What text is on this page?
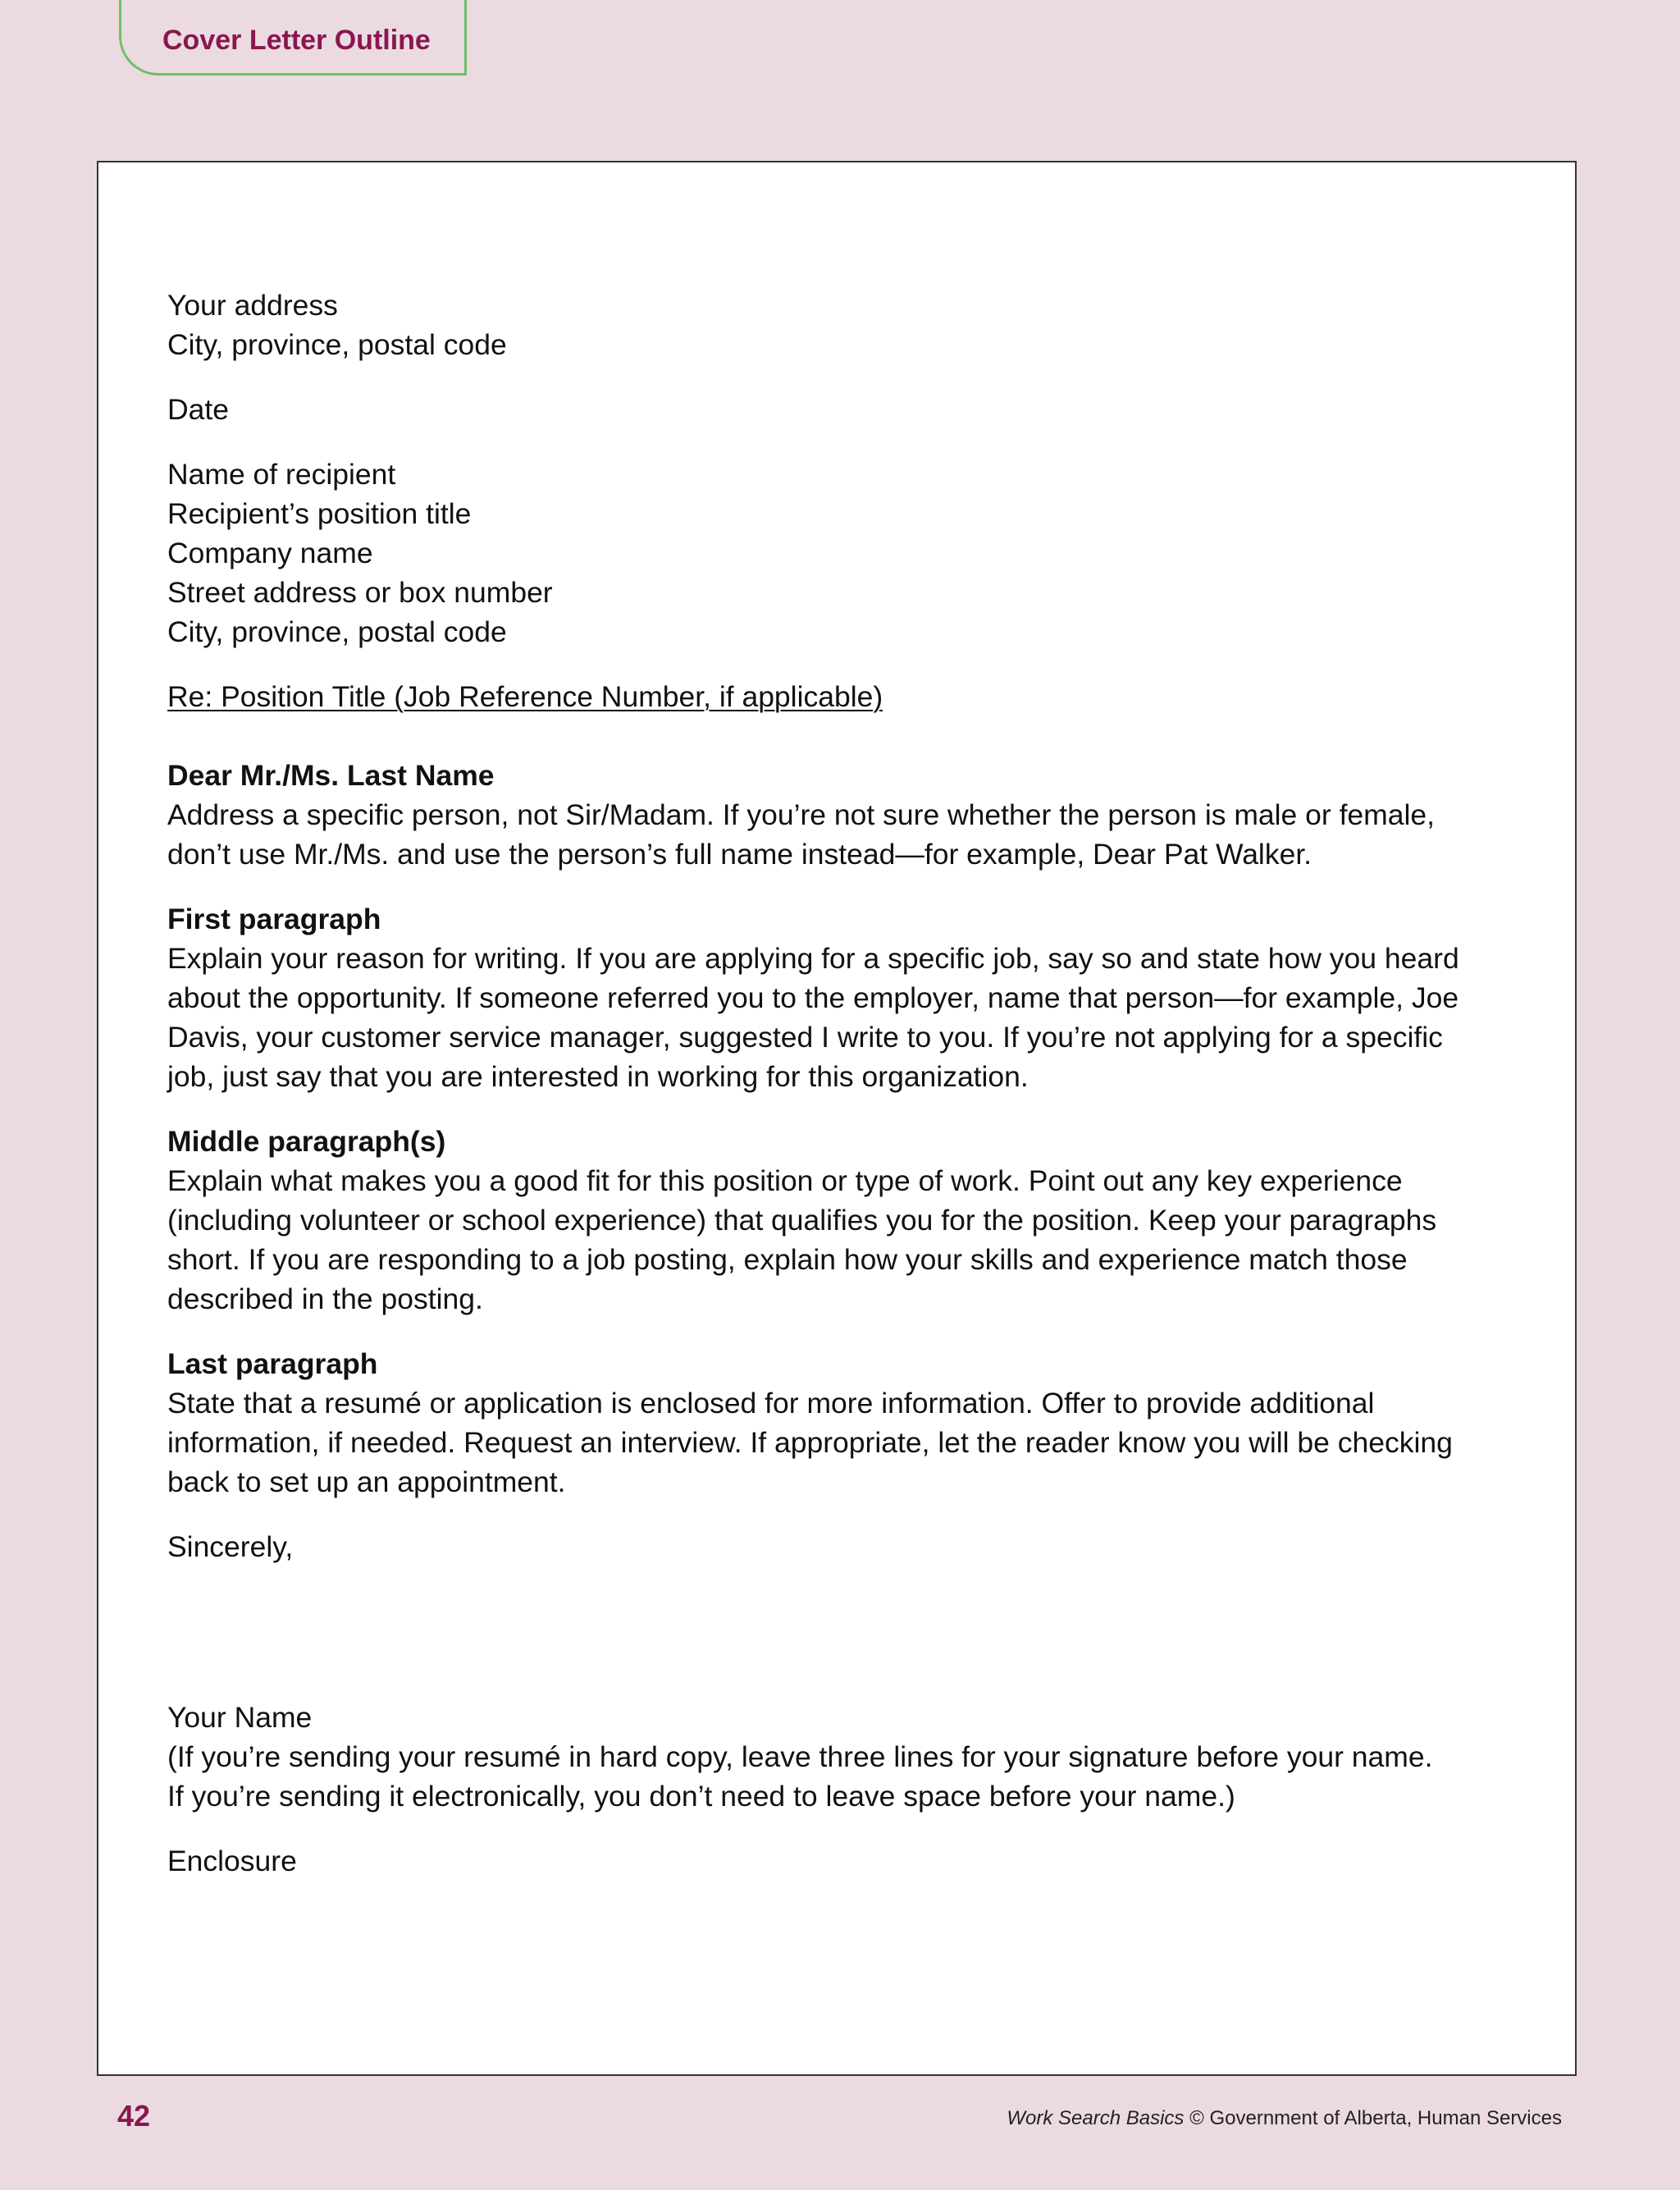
Cover Letter Outline
Your address
City, province, postal code
Date
Name of recipient
Recipient’s position title
Company name
Street address or box number
City, province, postal code
Re: Position Title (Job Reference Number, if applicable)
Dear Mr./Ms. Last Name
Address a specific person, not Sir/Madam. If you’re not sure whether the person is male or female,
don’t use Mr./Ms. and use the person’s full name instead—for example, Dear Pat Walker.
First paragraph
Explain your reason for writing. If you are applying for a specific job, say so and state how you heard
about the opportunity. If someone referred you to the employer, name that person—for example, Joe
Davis, your customer service manager, suggested I write to you. If you’re not applying for a specific
job, just say that you are interested in working for this organization.
Middle paragraph(s)
Explain what makes you a good fit for this position or type of work. Point out any key experience
(including volunteer or school experience) that qualifies you for the position. Keep your paragraphs
short. If you are responding to a job posting, explain how your skills and experience match those
described in the posting.
Last paragraph
State that a resumé or application is enclosed for more information. Offer to provide additional
information, if needed. Request an interview. If appropriate, let the reader know you will be checking
back to set up an appointment.
Sincerely,
Your Name
(If you’re sending your resumé in hard copy, leave three lines for your signature before your name.
If you’re sending it electronically, you don’t need to leave space before your name.)
Enclosure
42	Work Search Basics © Government of Alberta, Human Services
